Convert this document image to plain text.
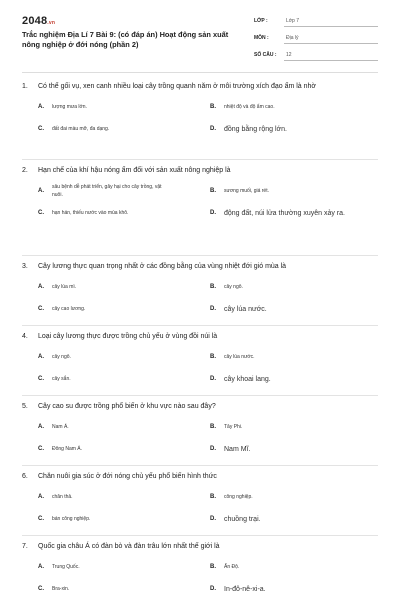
2048.vn
Trắc nghiệm Địa Lí 7 Bài 9: (có đáp án) Hoạt động sản xuất nông nghiệp ở đới nóng (phần 2)
LỚP :	Lớp 7
MÔN :	Địa lý
SỐ CÂU :	12
1.	Có thể gối vụ, xen canh nhiều loại cây trồng quanh năm ở môi trường xích đạo ẩm là nhờ
A.	lượng mưa lớn.	B.	nhiệt độ và độ ẩm cao.
C.	đất đai màu mỡ, đa dạng.	D.	đồng bằng rộng lớn.
2.	Hạn chế của khí hậu nóng ẩm đối với sản xuất nông nghiệp là
A.
sâu bệnh dễ phát triển, gây hại cho cây trồng, vật nuôi.
B.	sương muối, giá rét.
C.	hạn hán, thiếu nước vào mùa khô.	D.	động đất, núi lửa thường xuyên xảy ra.
3.	Cây lương thực quan trọng nhất ở các đồng bằng của vùng nhiệt đới gió mùa là
A.	cây lúa mì.	B.	cây ngô.
C.	cây cao lương.	D.	cây lúa nước.
4.	Loại cây lương thực được trồng chủ yếu ở vùng đồi núi là
A.	cây ngô.	B.	cây lúa nước.
C.	cây sắn.	D.	cây khoai lang.
5.	Cây cao su được trồng phổ biến ở khu vực nào sau đây?
A.	Nam Á.	B.	Tây Phi.
C.	Đông Nam Á.	D.	Nam Mĩ.
6.	Chăn nuôi gia súc ở đới nóng chủ yếu phổ biến hình thức
A.	chăn thả.	B.	công nghiệp.
C.	bán công nghiệp.	D.	chuồng trại.
7.	Quốc gia châu Á có đàn bò và đàn trâu lớn nhất thế giới là
A.	Trung Quốc.	B.	Ấn Độ.
C.	Bra-xin.	D.	In-đô-nê-xi-a.
